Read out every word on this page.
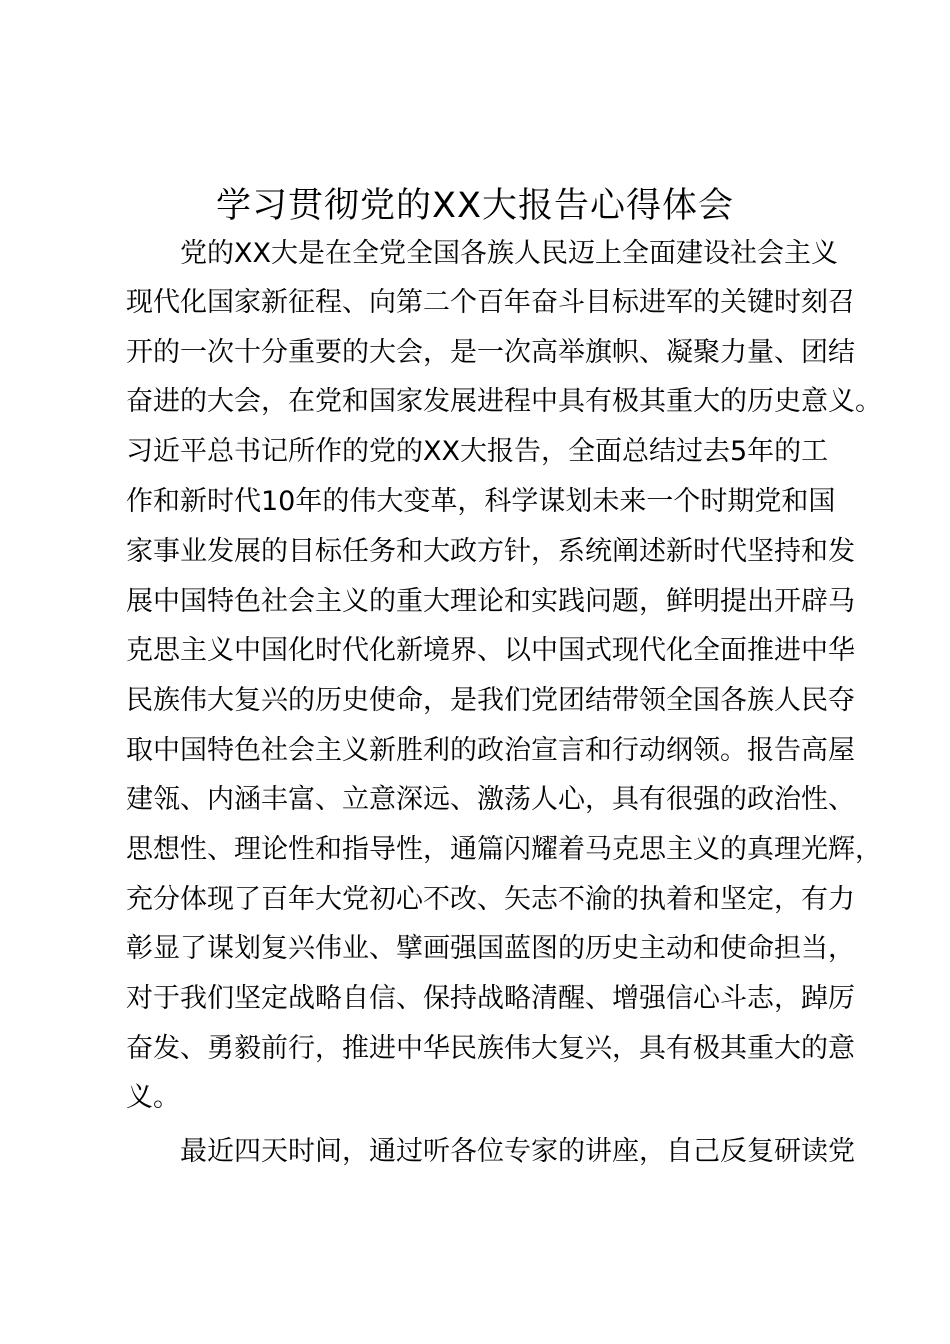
学习贯彻党的XX大报告心得体会
　　党的XX大是在全党全国各族人民迈上全面建设社会主义
现代化国家新征程、向第二个百年奋斗目标进军的关键时刻召
开的一次十分重要的大会，是一次高举旗帜、凝聚力量、团结
奋进的大会，在党和国家发展进程中具有极其重大的历史意义。
习近平总书记所作的党的XX大报告，全面总结过去5年的工
作和新时代10年的伟大变革，科学谋划未来一个时期党和国
家事业发展的目标任务和大政方针，系统阐述新时代坚持和发
展中国特色社会主义的重大理论和实践问题，鲜明提出开辟马
克思主义中国化时代化新境界、以中国式现代化全面推进中华
民族伟大复兴的历史使命，是我们党团结带领全国各族人民夺
取中国特色社会主义新胜利的政治宣言和行动纲领。报告高屋
建瓴、内涵丰富、立意深远、激荡人心，具有很强的政治性、
思想性、理论性和指导性，通篇闪耀着马克思主义的真理光辉，
充分体现了百年大党初心不改、矢志不渝的执着和坚定，有力
彰显了谋划复兴伟业、擘画强国蓝图的历史主动和使命担当，
对于我们坚定战略自信、保持战略清醒、增强信心斗志，踔厉
奋发、勇毅前行，推进中华民族伟大复兴，具有极其重大的意
义。
　　最近四天时间，通过听各位专家的讲座，自己反复研读党
